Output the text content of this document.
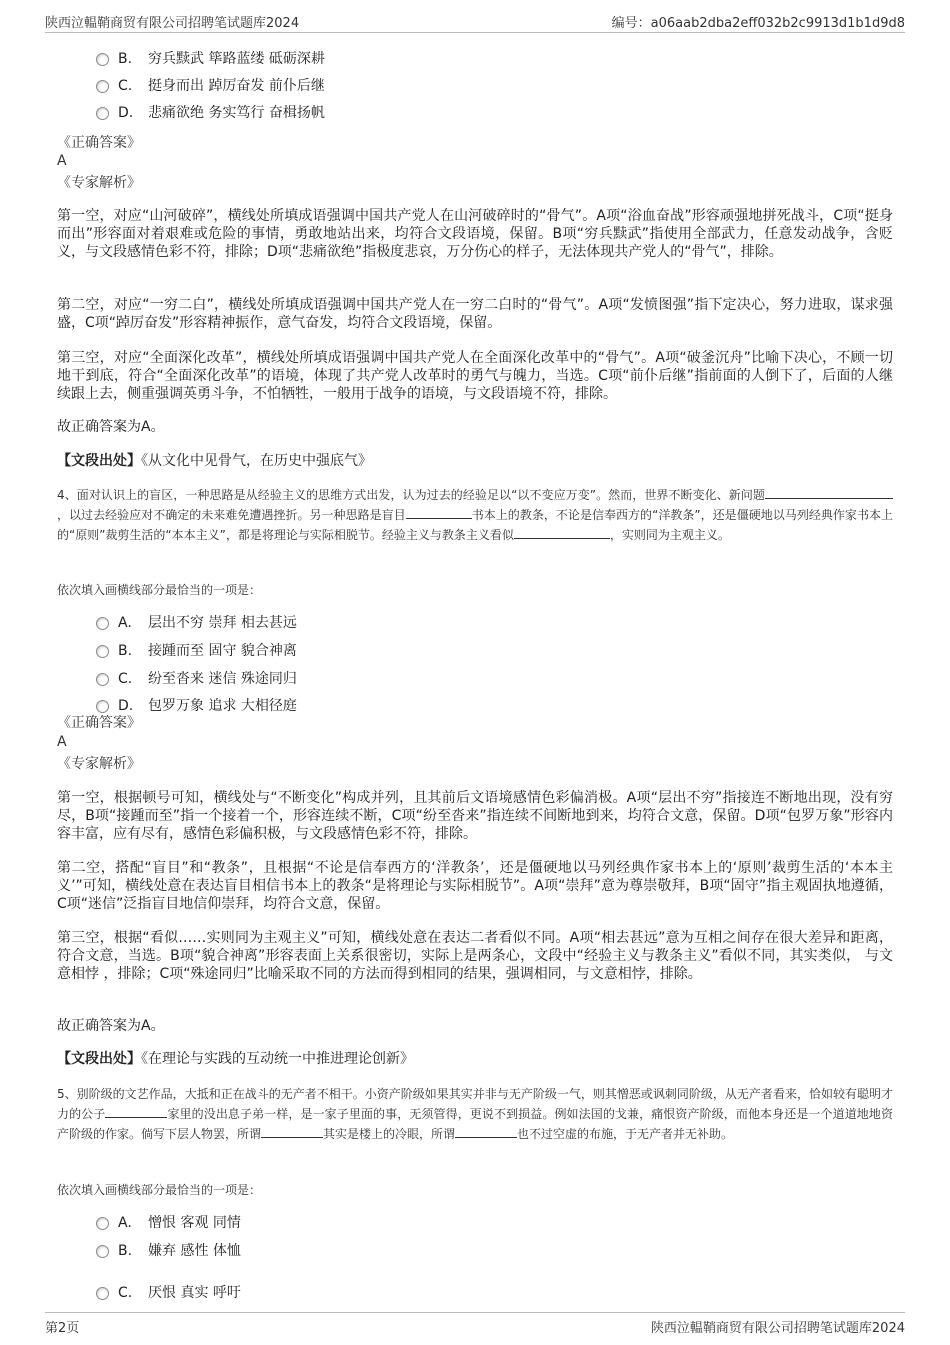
陕西泣輼鞘商贸有限公司招聘笔试题库2024	编号：a06aab2dba2eff032b2c9913d1b1d9d8
B. 穷兵黩武 筚路蓝缕 砥砺深耕
C. 挺身而出 踔厉奋发 前仆后继
D. 悲痛欲绝 务实笃行 奋楫扬帆
《正确答案》
A
《专家解析》
第一空，对应“山河破碎”，横线处所填成语强调中国共产党人在山河破碎时的“骨气”。A项“浴血奋战”形容顽强地拼死战斗，C项“挺身而出”形容面对着艰难或危险的事情，勇敢地站出来，均符合文段语境，保留。B项“穷兵黩武”指使用全部武力，任意发动战争，含贬义，与文段感情色彩不符，排除；D项“悲痛欲绝”指极度悲哀，万分伤心的样子，无法体现共产党人的“骨气”，排除。
第二空，对应“一穷二白”，横线处所填成语强调中国共产党人在一穷二白时的“骨气”。A项“发愤图强”指下定决心，努力进取，谋求强盛，C项“踔厉奋发”形容精神振作，意气奋发，均符合文段语境，保留。
第三空，对应“全面深化改革”，横线处所填成语强调中国共产党人在全面深化改革中的“骨气”。A项“破釜沉舟”比喻下决心，不顾一切地干到底，符合“全面深化改革”的语境，体现了共产党人改革时的勇气与魄力，当选。C项“前仆后继”指前面的人倒下了，后面的人继续跟上去，侧重强调英勇斗争，不怕牺牲，一般用于战争的语境，与文段语境不符，排除。
故正确答案为A。
【文段出处】《从文化中见骨气，在历史中强底气》
4、面对认识上的盲区，一种思路是从经验主义的思维方式出发，认为过去的经验足以“以不变应万变”。然而，世界不断变化、新问题，以过去经验应对不确定的未来难免遭遇挫折。另一种思路是盲目	书本上的教条，不论是信奉西方的“洋教条”，还是僵硬地以马列经典作家书本上的“原则”裁剪生活的“本本主义”，都是将理论与实际相脱节。经验主义与教条主义看似	，实则同为主观主义。
依次填入画横线部分最恰当的一项是：
A. 层出不穷 崇拜 相去甚远
B. 接踵而至 固守 貌合神离
C. 纷至沓来 迷信 殊途同归
D. 包罗万象 追求 大相径庭
《正确答案》
A
《专家解析》
第一空，根据顿号可知，横线处与“不断变化”构成并列，且其前后文语境感情色彩偏消极。A项“层出不穷”指接连不断地出现，没有穷尽，B项“接踵而至”指一个接着一个，形容连续不断，C项“纷至沓来”指连续不间断地到来，均符合文意，保留。D项“包罗万象”形容内容丰富，应有尽有，感情色彩偏积极，与文段感情色彩不符，排除。
第二空，搭配“盲目”和“教条”，且根据“不论是信奉西方的‘洋教条’，还是僵硬地以马列经典作家书本上的‘原则’裁剪生活的‘本本主义’”可知，横线处意在表达盲目相信书本上的教条“是将理论与实际相脱节”。A项“崇拜”意为尊崇敬拜，B项“固守”指主观固执地遵循，C项“迷信”泛指盲目地信仰崇拜，均符合文意，保留。
第三空，根据“看似……实则同为主观主义”可知，横线处意在表达二者看似不同。A项“相去甚远”意为互相之间存在很大差异和距离，符合文意，当选。B项“貌合神离”形容表面上关系很密切，实际上是两条心，文段中“经验主义与教条主义”看似不同，其实类似， 与文意相悖 ，排除；C项“殊途同归”比喻采取不同的方法而得到相同的结果，强调相同，与文意相悖，排除。
故正确答案为A。
【文段出处】《在理论与实践的互动统一中推进理论创新》
5、别阶级的文艺作品，大抵和正在战斗的无产者不相干。小资产阶级如果其实并非与无产阶级一气，则其憎恶或讽刺同阶级，从无产者看来，恰如较有聪明才力的公子	家里的没出息子弟一样，是一家子里面的事，无须管得，更说不到损益。例如法国的戈兼，痛恨资产阶级，而他本身还是一个道道地地资产阶级的作家。倘写下层人物罢，所谓	其实是楼上的冷眼，所谓	也不过空虚的布施，于无产者并无补助。
依次填入画横线部分最恰当的一项是：
A. 憎恨 客观 同情
B. 嫌弃 感性 体恤
C. 厌恨 真实 呼吁
第2页	陕西泣輼鞘商贸有限公司招聘笔试题库2024
